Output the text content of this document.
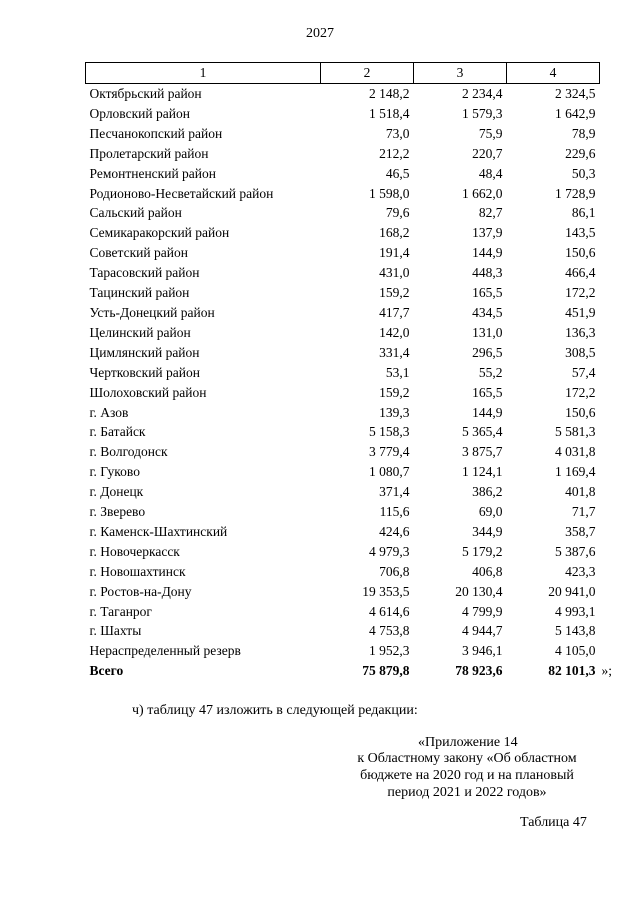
2027
1	2	3	4
Октябрьский район	2 148,2	2 234,4	2 324,5
Орловский район	1 518,4	1 579,3	1 642,9
Песчанокопский район	73,0	75,9	78,9
Пролетарский район	212,2	220,7	229,6
Ремонтненский район	46,5	48,4	50,3
Родионово-Несветайский район	1 598,0	1 662,0	1 728,9
Сальский район	79,6	82,7	86,1
Семикаракорский район	168,2	137,9	143,5
Советский район	191,4	144,9	150,6
Тарасовский район	431,0	448,3	466,4
Тацинский район	159,2	165,5	172,2
Усть-Донецкий район	417,7	434,5	451,9
Целинский район	142,0	131,0	136,3
Цимлянский район	331,4	296,5	308,5
Чертковский район	53,1	55,2	57,4
Шолоховский район	159,2	165,5	172,2
г. Азов	139,3	144,9	150,6
г. Батайск	5 158,3	5 365,4	5 581,3
г. Волгодонск	3 779,4	3 875,7	4 031,8
г. Гуково	1 080,7	1 124,1	1 169,4
г. Донецк	371,4	386,2	401,8
г. Зверево	115,6	69,0	71,7
г. Каменск-Шахтинский	424,6	344,9	358,7
г. Новочеркасск	4 979,3	5 179,2	5 387,6
г. Новошахтинск	706,8	406,8	423,3
г. Ростов-на-Дону	19 353,5	20 130,4	20 941,0
г. Таганрог	4 614,6	4 799,9	4 993,1
г. Шахты	4 753,8	4 944,7	5 143,8
Нераспределенный резерв	1 952,3	3 946,1	4 105,0
Всего	75 879,8	78 923,6	82 101,3 »;
ч) таблицу 47 изложить в следующей редакции:
«Приложение 14
к Областному закону «Об областном
бюджете на 2020 год и на плановый
период 2021 и 2022 годов»
Таблица 47
